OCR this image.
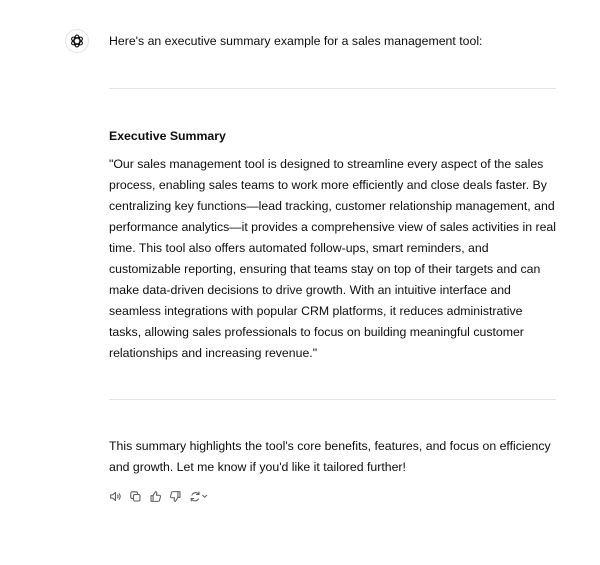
Here's an executive summary example for a sales management tool:

Executive Summary

"Our sales management tool is designed to streamline every aspect of the sales process, enabling sales teams to work more efficiently and close deals faster. By centralizing key functions—lead tracking, customer relationship management, and performance analytics—it provides a comprehensive view of sales activities in real time. This tool also offers automated follow-ups, smart reminders, and customizable reporting, ensuring that teams stay on top of their targets and can make data-driven decisions to drive growth. With an intuitive interface and seamless integrations with popular CRM platforms, it reduces administrative tasks, allowing sales professionals to focus on building meaningful customer relationships and increasing revenue."

This summary highlights the tool's core benefits, features, and focus on efficiency and growth. Let me know if you'd like it tailored further!
